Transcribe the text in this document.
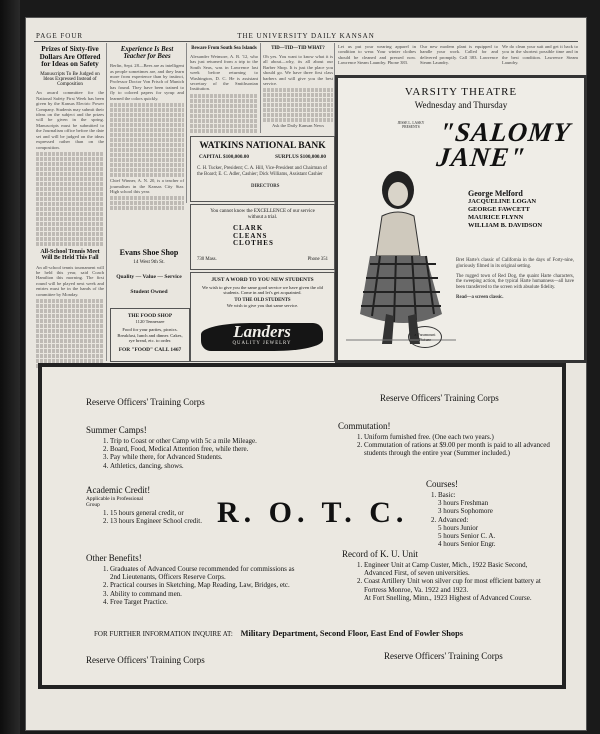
PAGE FOUR	THE UNIVERSITY DAILY KANSAN
Prizes of Sixty-five Dollars Are Offered for Ideas on Safety
Manuscripts To Be Judged on Ideas Expressed Instead of Composition

An award committee for the National Safety First Week has been given by the Kansas Electric Power Company. Students may submit their ideas on the subject and the prizes will be given in the spring. Manuscripts must be submitted to the Journalism office before the date set and will be judged on the ideas expressed rather than on the composition.

All-School Tennis Meet Will Be Held This Fall

An all-school tennis tournament will be held this year, said Coach Hamilton this morning. The first round will be played next week and entries must be in the hands of the committee by Monday.

Experience Is Best Teacher for Bees

Berlin, Sept. 28—Bees are as intelligent as people sometimes are, and they learn more from experience than by instinct, Professor Doctor Von Frisch of Munich has found. They have been trained to fly to colored papers for syrup and learned the colors quickly.

Chief Winner, A. N. 20, is a teacher of journalism in the Kansas City Star. High school this year.

Evans Shoe Shop
14 West 9th St.
Quality — Value — Service
Student Owned
THE FOOD SHOP
1120 Tennessee
Food for your parties, picnics. Breakfast, lunch and dinner. Cakes, rye bread, etc. to order.
FOR "FOOD" CALL 1467
Beware From South Sea Islands

Alexander Wetmore, A. B. '12, who has just returned from a trip to the South Seas, was in Lawrence last week before returning to Washington, D. C. He is assistant secretary of the Smithsonian Institution.

TID—TID—TID WHAT?

Oh yes. You want to know what it is all about—why, its all about our Barber Shop. It is just the place you should go. We have three first class barbers and will give you the best service.

Ask the Daily Kansan News

Let us put your wearing apparel in condition to wear. Your winter clothes should be cleaned and pressed now. Lawrence Steam Laundry. Phone 383.

Our new modern plant is equipped to handle your work. Called for and delivered promptly. Call 383. Lawrence Steam Laundry.

We do clean your suit and get it back to you in the shortest possible time and in the best condition. Lawrence Steam Laundry.

WATKINS NATIONAL BANK
CAPITAL $100,000.00	SURPLUS $100,000.00
C. H. Tucker, President; C. A. Hill, Vice-President and Chairman of the Board; E. C. Adler, Cashier; Dick Williams, Assistant Cashier
DIRECTORS
You cannot know the EXCELLENCE of our service without a trial.
CLARK
CLEANS
CLOTHES
730 Mass.	Phone 351
JUST A WORD TO YOU NEW STUDENTS
We wish to give you the same good service we have given the old students. Come in and let's get acquainted.
TO THE OLD STUDENTS
We wish to give you that same service.
Landers
QUALITY JEWELRY
VARSITY THEATRE
Wednesday and Thursday
JESSE L. LASKY PRESENTS "SALOMY JANE"
George Melford
JACQUELINE LOGAN
GEORGE FAWCETT
MAURICE FLYNN
WILLIAM B. DAVIDSON
a Paramount Picture
Bret Harte's classic of California in the days of Forty-nine, gloriously filmed in its original setting.
The rugged town of Red Dog, the quaint Harte characters, the sweeping action, the typical Harte humanness—all have been transferred to the screen with absolute fidelity.
Read—a screen classic.
Reserve Officers' Training Corps	Reserve Officers' Training Corps
Summer Camps!
1. Trip to Coast or other Camp with 5c a mile Mileage.
2. Board, Food, Medical Attention free, while there.
3. Pay while there, for Advanced Students.
4. Athletics, dancing, shows.
Commutation!
1. Uniform furnished free. (One each two years.)
2. Commutation of rations at $9.00 per month is paid to all advanced students through the entire year (Summer included.)
Academic Credit!
Applicable in Professional Group
1. 15 hours general credit, or
2. 13 hours Engineer School credit. R. O. T. C.
Courses!
1. Basic:
3 hours Freshman
3 hours Sophomore
2. Advanced:
5 hours Junior
5 hours Senior C. A.
4 hours Senior Engr.
Other Benefits!
1. Graduates of Advanced Course recommended for commissions as 2nd Lieutenants, Officers Reserve Corps.
2. Practical courses in Sketching, Map Reading, Law, Bridges, etc.
3. Ability to command men.
4. Free Target Practice.
Record of K. U. Unit
1. Engineer Unit at Camp Custer, Mich., 1922 Basic Second, Advanced First, of seven universities.
2. Coast Artillery Unit won silver cup for most efficient battery at Fortress Monroe, Va. 1922 and 1923.
At Fort Snelling, Minn., 1923 Highest of Advanced Course.
FOR FURTHER INFORMATION INQUIRE AT: Military Department, Second Floor, East End of Fowler Shops
Reserve Officers' Training Corps	Reserve Officers' Training Corps
